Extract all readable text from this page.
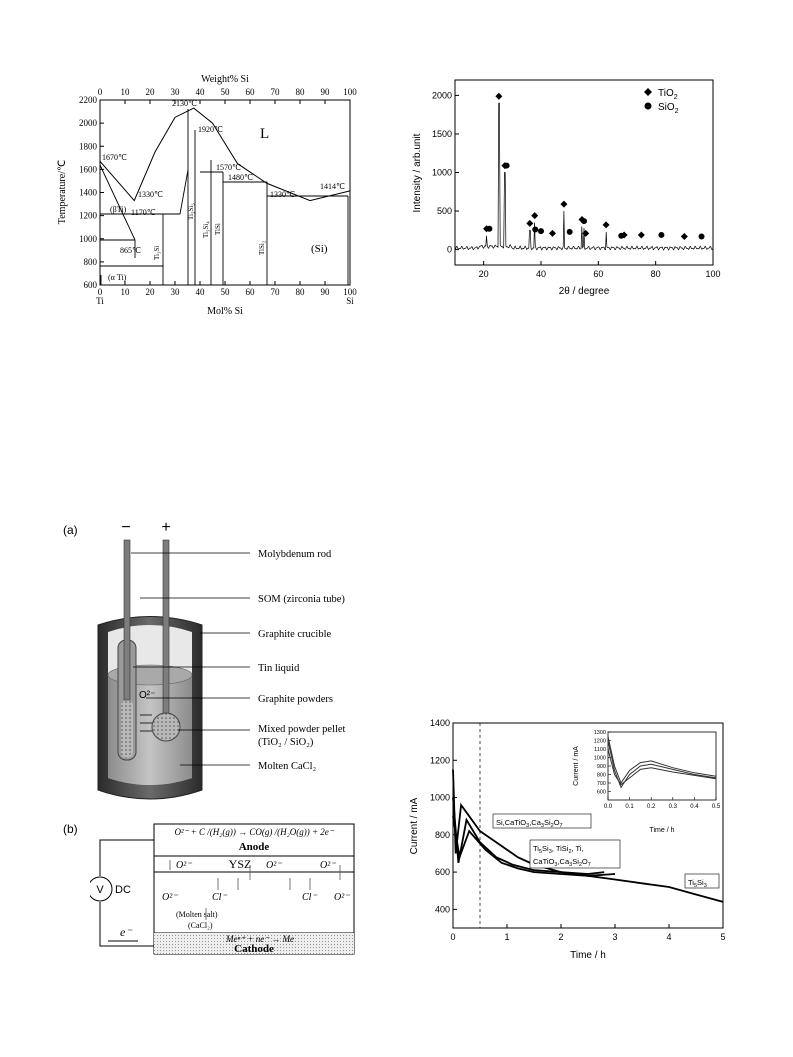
Weight% Si
0 10 20 30 40 50 60 70 80 90 100
600
800
1000
1200
1400
1600
1800
2000
2200
0 10 20 30 40 50 60 70 80 90 100
Temperature/℃
Mol% Si
Ti	Si
1670℃
2130℃
1920℃
1570℃
1480℃
1330℃	1330℃
1414℃
1170℃
865℃
L
(βTi)
(α Ti)
(Si)
Ti₃Si
Ti₅Si₃
Ti₅Si₄ TiSi
TiSi₂	0
500
1000
1500
2000
20	40	60	80	100
Intensity / arb.unit
2θ / degree
TiO$_2$
SiO$_2$
(a)	− +
O²⁻
Molybdenum rod
SOM (zirconia tube)
Graphite crucible
Tin liquid
Graphite powders
Mixed powder pellet
(TiO₂ / SiO₂)
Molten CaCl₂
(b)	O²⁻ + C /(H₂(g)) → CO(g) /(H₂O(g)) + 2e⁻
Anode
YSZ
O²⁻	O²⁻	O²⁻
O²⁻	Cl⁻	Cl⁻ O²⁻
(Molten salt)
(CaCl₂)
Meⁿ⁺ + ne⁻ → Me
Cathode
V DC
e⁻
400
600
800
1000
1200
1400
0	1	2	3	4	5
Current / mA
Time / h
$Si,CaTiO_3,Ca_3Si_2O_7$
$Ti_5Si_3$, TiSi$_2$, Ti,
$CaTiO_3,Ca_3Si_2O_7$
$Ti_5Si_3$
600
700
800
900
1000
1100
1200
1300
0.0 0.1 0.2 0.3 0.4 0.5
Current / mA
Time / h
